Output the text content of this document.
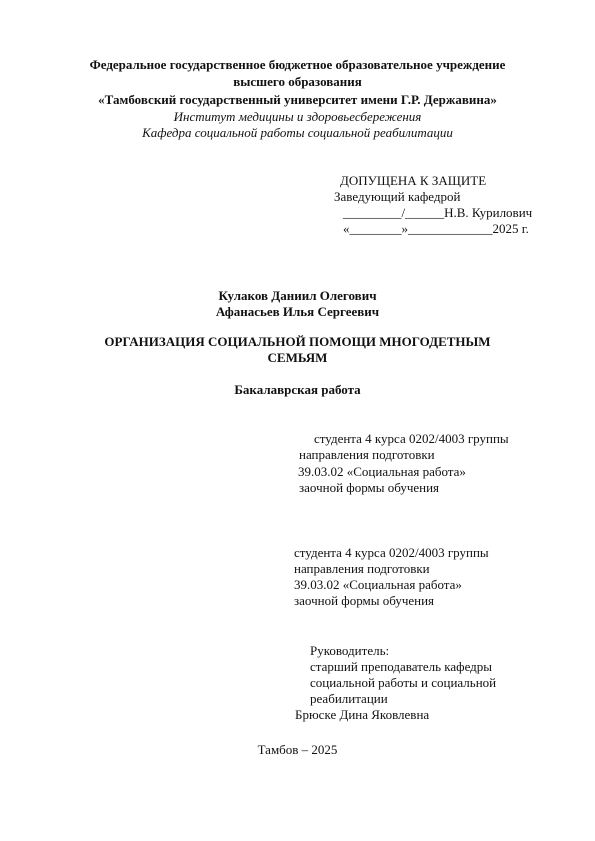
Федеральное государственное бюджетное образовательное учреждение
высшего образования
«Тамбовский государственный университет имени Г.Р. Державина»
Институт медицины и здоровьесбережения
Кафедра социальной работы социальной реабилитации
ДОПУЩЕНА К ЗАЩИТЕ
Заведующий кафедрой
_________/______Н.В. Курилович
«________»_____________2025 г.
Кулаков Даниил Олегович
Афанасьев Илья Сергеевич
ОРГАНИЗАЦИЯ СОЦИАЛЬНОЙ ПОМОЩИ МНОГОДЕТНЫМ
СЕМЬЯМ
Бакалаврская работа
студента 4 курса 0202/4003 группы
направления подготовки
39.03.02 «Социальная работа»
заочной формы обучения
студента 4 курса 0202/4003 группы
направления подготовки
39.03.02 «Социальная работа»
заочной формы обучения
Руководитель:
старший преподаватель кафедры
социальной работы и социальной
реабилитации
Брюске Дина Яковлевна
Тамбов – 2025
